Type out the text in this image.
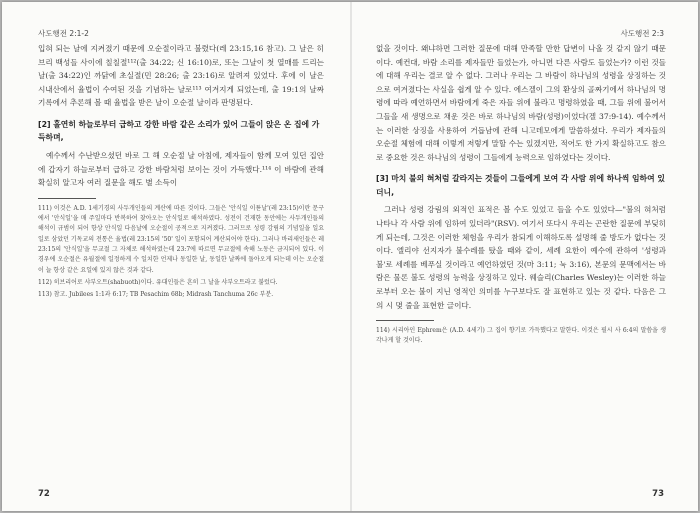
사도행전 2:1-2

입혀 되는 날에 지켜졌기 때문에 오순절이라고 불렸다(레 23:15,16 참고). 그 날은 히브리 백성들 사이에 칠칠절¹¹²(출 34:22; 신 16:10)로, 또는 그날이 첫 열매를 드리는 날(출 34:22)인 까닭에 초실절(민 28:26; 출 23:16)로 알려져 있었다. 후에 이 날은 시내산에서 율법이 수여된 것을 기념하는 날로¹¹³ 여겨지게 되었는데, 출 19:1의 날짜 기록에서 추론해 볼 때 율법을 받은 날이 오순절 날이라 판명된다.

[2] 홀연히 하늘로부터 급하고 강한 바람 같은 소리가 있어 그들이 앉은 온 집에 가득하며,

예수께서 수난받으셨던 바로 그 해 오순절 날 아침에, 제자들이 함께 모여 있던 집안에 갑자기 하늘로부터 급하고 강한 바람처럼 보이는 것이 가득했다.¹¹⁴ 이 바람에 관해 확실히 알고자 여러 질문을 해도 별 소득이

111) 이것은 A.D. 1세기경의 사두개인들의 계산에 따른 것이다. 그들은 '안식일 이튿날'(레 23:15)이란 문구에서 '안식일'을 매 주일마다 반복하여 찾아오는 안식일로 해석하였다. 성전이 건재한 동안에는 사두개인들의 해석이 규범이 되어 항상 안식일 다음날에 오순절이 공적으로 지켜졌다. 그러므로 성령 강림의 기념일을 일요일로 삼았던 기독교의 전통은 율법(레 23:15의 '50' 일이 포함되어 계산되어야 한다). 그러나 바리새인들은 레 23:15의 '안식일'을 무교절 그 자체로 해석하였는데 23:7에 따르면 무교절에 속해 노동은 금지되어 있다. 이 경우에 오순절은 유월절에 일정하게 수 일치한 언제나 동일한 날, 동일한 날짜에 돌아오게 되는데 이는 오순절이 늘 항상 같은 요일에 있지 않은 것과 같다.

112) 히브리어로 샤부오트(shabuoth)이다. 유대인들은 흔히 그 날을 샤부오트라고 불렀다.

113) 참고. Jubilees 1:1과 6:17; TB Pesachim 68b; Midrash Tanchuma 26c 부분.

72
사도행전 2:3

없을 것이다. 왜냐하면 그러한 질문에 대해 만족할 만한 답변이 나올 것 같지 않기 때문이다. 예컨대, 바람 소리를 제자들만 들었는가, 아니면 다른 사람도 들었는가? 이런 것들에 대해 우리는 결코 알 수 없다. 그러나 우리는 그 바람이 하나님의 성령을 상징하는 것으로 여겨졌다는 사실을 쉽게 알 수 있다. 에스겔이 그의 환상의 골짜기에서 하나님의 명령에 따라 예언하면서 바람에게 죽은 자들 위에 불라고 명령하였을 때, 그들 위에 불어서 그들을 새 생명으로 채운 것은 바로 하나님의 바람(성령)이었다(겔 37:9-14). 예수께서는 이러한 상징을 사용하여 거듭남에 관해 니고데모에게 말씀하셨다. 우리가 제자들의 오순절 체험에 대해 이렇게 저렇게 말할 수는 있겠지만, 적어도 한 가지 확실하고도 참으로 중요한 것은 하나님의 성령이 그들에게 능력으로 임하였다는 것이다.

[3] 마치 불의 혀처럼 갈라지는 것들이 그들에게 보여 각 사람 위에 하나씩 임하여 있더니,

그러나 성령 강림의 외적인 표적은 볼 수도 있었고 들을 수도 있었다—"불의 혀처럼 나타나 각 사람 위에 임하여 있더라"(RSV). 여기서 또다시 우리는 곤란한 질문에 부딪히게 되는데, 그것은 이러한 체험을 우리가 참되게 이해하도록 설명해 줄 방도가 없다는 것이다. 엘리야 선지자가 불수레를 탔을 때와 같이, 세례 요한이 예수에 관하여 '성령과 불'로 세례를 베푸실 것이라고 예언하였던 것(마 3:11; 눅 3:16), 본문의 문맥에서는 바람은 물론 불도 성령의 능력을 상징하고 있다. 웨슬리(Charles Wesley)는 이러한 하늘로부터 오는 불이 지닌 영적인 의미를 누구보다도 잘 표현하고 있는 것 같다. 다음은 그의 시 몇 줄을 표현한 글이다.

114) 시리아인 Ephrem은 (A.D. 4세기) 그 집이 향기로 가득했다고 말한다. 이것은 필시 사 6:4의 말씀을 생각나게 할 것이다.

73
